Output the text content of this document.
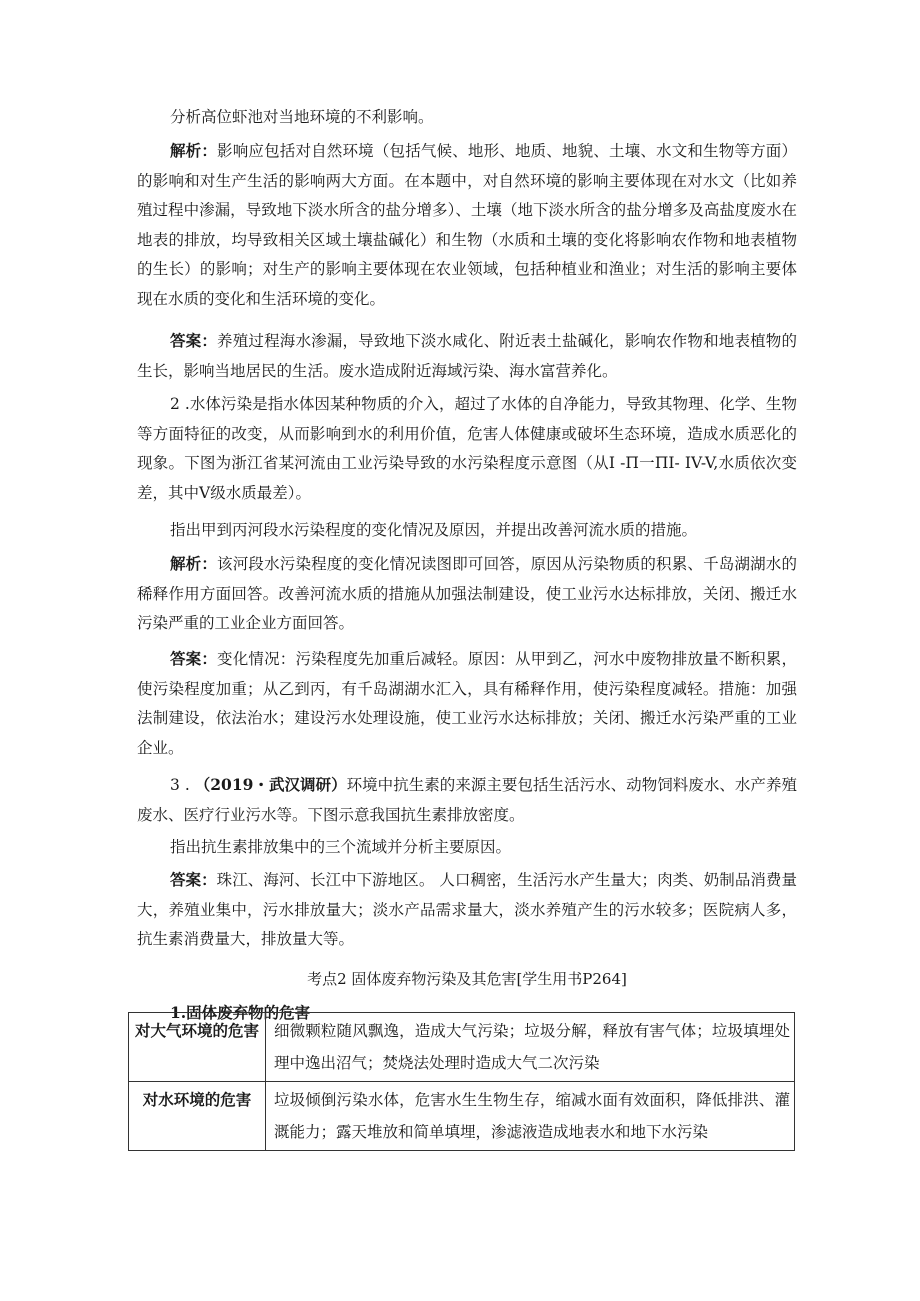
分析高位虾池对当地环境的不利影响。

解析：影响应包括对自然环境（包括气候、地形、地质、地貌、土壤、水文和生物等方面）的影响和对生产生活的影响两大方面。在本题中，对自然环境的影响主要体现在对水文（比如养殖过程中渗漏，导致地下淡水所含的盐分增多）、土壤（地下淡水所含的盐分增多及高盐度废水在地表的排放，均导致相关区域土壤盐碱化）和生物（水质和土壤的变化将影响农作物和地表植物的生长）的影响；对生产的影响主要体现在农业领域，包括种植业和渔业；对生活的影响主要体现在水质的变化和生活环境的变化。

答案：养殖过程海水渗漏，导致地下淡水咸化、附近表土盐碱化，影响农作物和地表植物的生长，影响当地居民的生活。废水造成附近海域污染、海水富营养化。

2 .水体污染是指水体因某种物质的介入，超过了水体的自净能力，导致其物理、化学、生物等方面特征的改变，从而影响到水的利用价值，危害人体健康或破坏生态环境，造成水质恶化的现象。下图为浙江省某河流由工业污染导致的水污染程度示意图（从I -П一ПI- IV-V,水质依次变差，其中V级水质最差）。

指出甲到丙河段水污染程度的变化情况及原因，并提出改善河流水质的措施。

解析：该河段水污染程度的变化情况读图即可回答，原因从污染物质的积累、千岛湖湖水的稀释作用方面回答。改善河流水质的措施从加强法制建设，使工业污水达标排放，关闭、搬迁水污染严重的工业企业方面回答。

答案：变化情况：污染程度先加重后减轻。原因：从甲到乙，河水中废物排放量不断积累，使污染程度加重；从乙到丙，有千岛湖湖水汇入，具有稀释作用，使污染程度减轻。措施：加强法制建设，依法治水；建设污水处理设施，使工业污水达标排放；关闭、搬迁水污染严重的工业企业。

3 . （2019・武汉调研）环境中抗生素的来源主要包括生活污水、动物饲料废水、水产养殖废水、医疗行业污水等。下图示意我国抗生素排放密度。

指出抗生素排放集中的三个流域并分析主要原因。

答案：珠江、海河、长江中下游地区。 人口稠密，生活污水产生量大；肉类、奶制品消费量大，养殖业集中，污水排放量大；淡水产品需求量大，淡水养殖产生的污水较多；医院病人多，抗生素消费量大，排放量大等。

考点2 固体废弃物污染及其危害[学生用书P264]

1.固体废弃物的危害

对大气环境的危害	细微颗粒随风飘逸，造成大气污染；垃圾分解，释放有害气体；垃圾填埋处理中逸出沼气；焚烧法处理时造成大气二次污染
对水环境的危害	垃圾倾倒污染水体，危害水生生物生存，缩减水面有效面积，降低排洪、灌溉能力；露天堆放和简单填埋，渗滤液造成地表水和地下水污染
